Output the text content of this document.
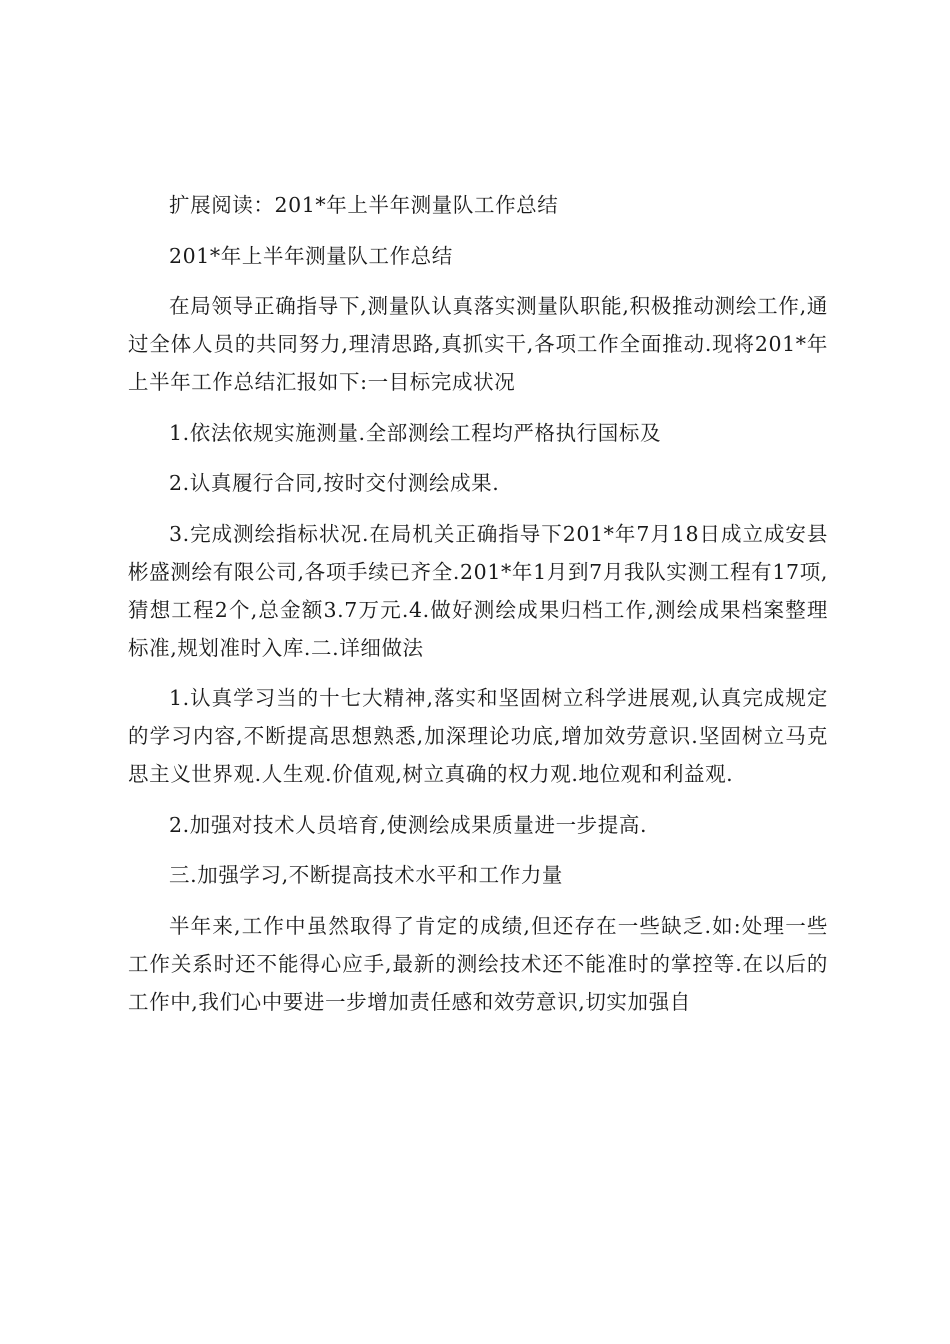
扩展阅读：201*年上半年测量队工作总结

201*年上半年测量队工作总结

在局领导正确指导下,测量队认真落实测量队职能,积极推动测绘工作,通过全体人员的共同努力,理清思路,真抓实干,各项工作全面推动.现将201*年上半年工作总结汇报如下:一目标完成状况

1.依法依规实施测量.全部测绘工程均严格执行国标及

2.认真履行合同,按时交付测绘成果.

3.完成测绘指标状况.在局机关正确指导下201*年7月18日成立成安县彬盛测绘有限公司,各项手续已齐全.201*年1月到7月我队实测工程有17项,猜想工程2个,总金额3.7万元.4.做好测绘成果归档工作,测绘成果档案整理标准,规划准时入库.二.详细做法

1.认真学习当的十七大精神,落实和坚固树立科学进展观,认真完成规定的学习内容,不断提高思想熟悉,加深理论功底,增加效劳意识.坚固树立马克思主义世界观.人生观.价值观,树立真确的权力观.地位观和利益观.

2.加强对技术人员培育,使测绘成果质量进一步提高.

三.加强学习,不断提高技术水平和工作力量

半年来,工作中虽然取得了肯定的成绩,但还存在一些缺乏.如:处理一些工作关系时还不能得心应手,最新的测绘技术还不能准时的掌控等.在以后的工作中,我们心中要进一步增加责任感和效劳意识,切实加强自
